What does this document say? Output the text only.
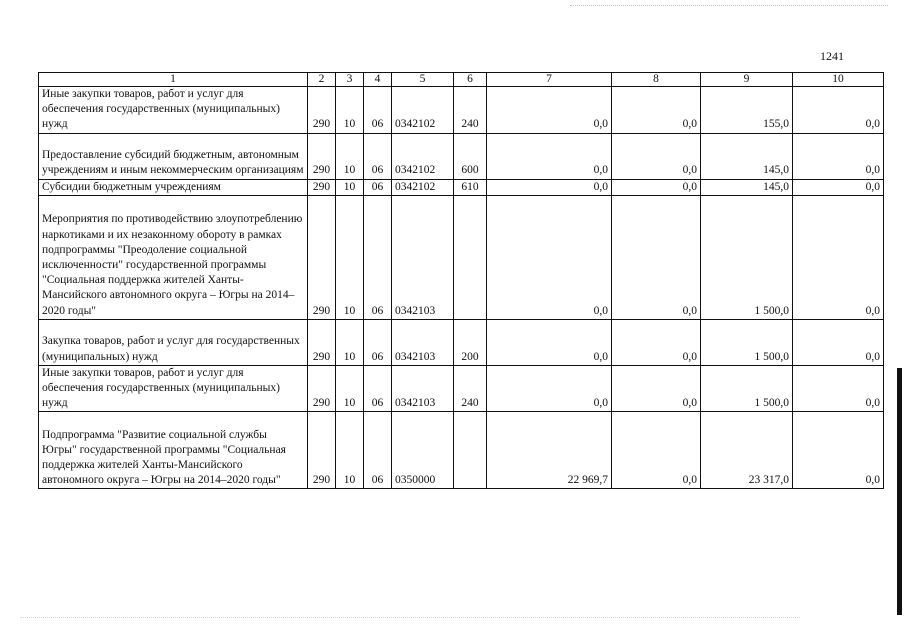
1241
1	2	3	4	5	6	7	8	9	10
Иные закупки товаров, работ и услуг для обеспечения государственных (муниципальных) нужд	290	10	06	0342102	240	0,0	0,0	155,0	0,0
Предоставление субсидий бюджетным, автономным учреждениям и иным некоммерческим организациям	290	10	06	0342102	600	0,0	0,0	145,0	0,0
Субсидии бюджетным учреждениям	290	10	06	0342102	610	0,0	0,0	145,0	0,0
Мероприятия по противодействию злоупотреблению наркотиками и их незаконному обороту в рамках подпрограммы "Преодоление социальной исключенности" государственной программы "Социальная поддержка жителей Ханты-Мансийского автономного округа – Югры на 2014–2020 годы"	290	10	06	0342103		0,0	0,0	1 500,0	0,0
Закупка товаров, работ и услуг для государственных (муниципальных) нужд	290	10	06	0342103	200	0,0	0,0	1 500,0	0,0
Иные закупки товаров, работ и услуг для обеспечения государственных (муниципальных) нужд	290	10	06	0342103	240	0,0	0,0	1 500,0	0,0
Подпрограмма "Развитие социальной службы Югры" государственной программы "Социальная поддержка жителей Ханты-Мансийского автономного округа – Югры на 2014–2020 годы"	290	10	06	0350000		22 969,7	0,0	23 317,0	0,0
